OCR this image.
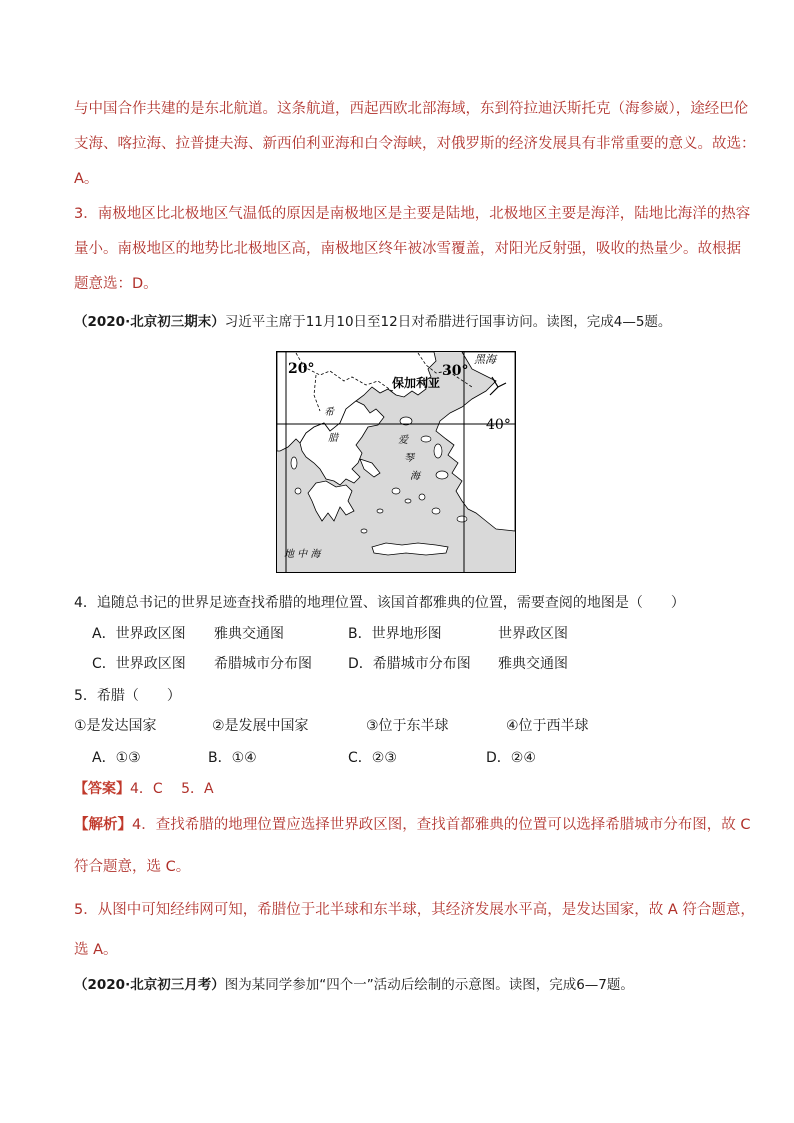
与中国合作共建的是东北航道。这条航道，西起西欧北部海域，东到符拉迪沃斯托克（海参崴），途经巴伦
支海、喀拉海、拉普捷夫海、新西伯利亚海和白令海峡，对俄罗斯的经济发展具有非常重要的意义。故选：
A。
3．南极地区比北极地区气温低的原因是南极地区是主要是陆地，北极地区主要是海洋，陆地比海洋的热容
量小。南极地区的地势比北极地区高，南极地区终年被冰雪覆盖，对阳光反射强，吸收的热量少。故根据
题意选：D。
（2020·北京初三期末）习近平主席于11月10日至12日对希腊进行国事访问。读图，完成4—5题。
20°	30°
40°
黑海
保加利亚
希
腊	爱
琴
海
地 中 海
4．追随总书记的世界足迹查找希腊的地理位置、该国首都雅典的位置，需要查阅的地图是（　　）
A．世界政区图 雅典交通图	B．世界地形图	世界政区图
C．世界政区图 希腊城市分布图	D．希腊城市分布图 雅典交通图
5．希腊（　　）
①是发达国家	②是发展中国家	③位于东半球	④位于西半球
A．①③	B．①④	C．②③	D．②④
【答案】4．C　 5．A
【解析】4．查找希腊的地理位置应选择世界政区图，查找首都雅典的位置可以选择希腊城市分布图，故 C
符合题意，选 C。
5．从图中可知经纬网可知，希腊位于北半球和东半球，其经济发展水平高，是发达国家，故 A 符合题意，
选 A。
（2020·北京初三月考）图为某同学参加“四个一”活动后绘制的示意图。读图，完成6—7题。
